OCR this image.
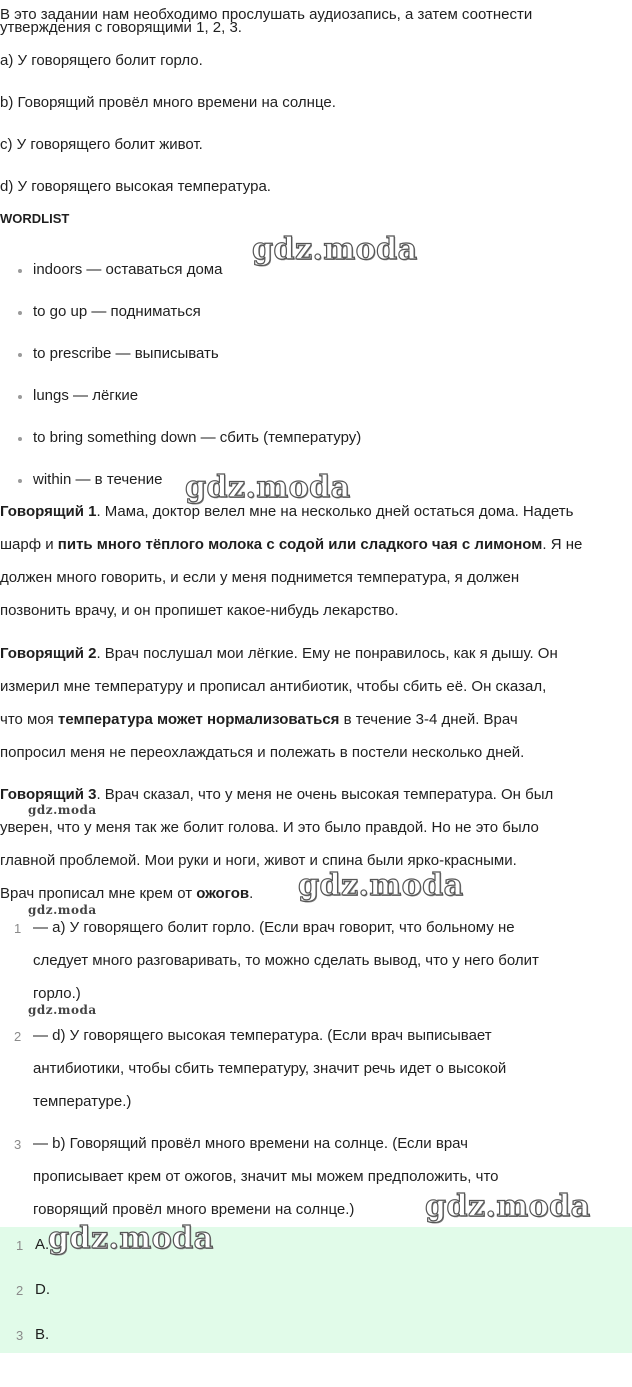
В это задании нам необходимо прослушать аудиозапись, а затем соотнести
утверждения с говорящими 1, 2, 3.
a) У говорящего болит горло.
b) Говорящий провёл много времени на солнце.
c) У говорящего болит живот.
d) У говорящего высокая температура.
WORDLIST
indoors — оставаться дома
to go up — подниматься
to prescribe — выписывать
lungs — лёгкие
to bring something down — сбить (температуру)
within — в течение
Говорящий 1. Мама, доктор велел мне на несколько дней остаться дома. Надеть
шарф и пить много тёплого молока с содой или сладкого чая с лимоном. Я не
должен много говорить, и если у меня поднимется температура, я должен
позвонить врачу, и он пропишет какое-нибудь лекарство.
Говорящий 2. Врач послушал мои лёгкие. Ему не понравилось, как я дышу. Он
измерил мне температуру и прописал антибиотик, чтобы сбить её. Он сказал,
что моя температура может нормализоваться в течение 3-4 дней. Врач
попросил меня не переохлаждаться и полежать в постели несколько дней.
Говорящий 3. Врач сказал, что у меня не очень высокая температура. Он был
уверен, что у меня так же болит голова. И это было правдой. Но не это было
главной проблемой. Мои руки и ноги, живот и спина были ярко-красными.
Врач прописал мне крем от ожогов.
1 — a) У говорящего болит горло. (Если врач говорит, что больному не
следует много разговаривать, то можно сделать вывод, что у него болит
горло.)
2 — d) У говорящего высокая температура. (Если врач выписывает
антибиотики, чтобы сбить температуру, значит речь идет о высокой
температуре.)
3 — b) Говорящий провёл много времени на солнце. (Если врач
прописывает крем от ожогов, значит мы можем предположить, что
говорящий провёл много времени на солнце.)
1 A.
2 D.
3 B.
gdz.moda
gdz.moda
gdz.moda
gdz.moda
gdz.moda
gdz.moda
gdz.moda
gdz.moda
